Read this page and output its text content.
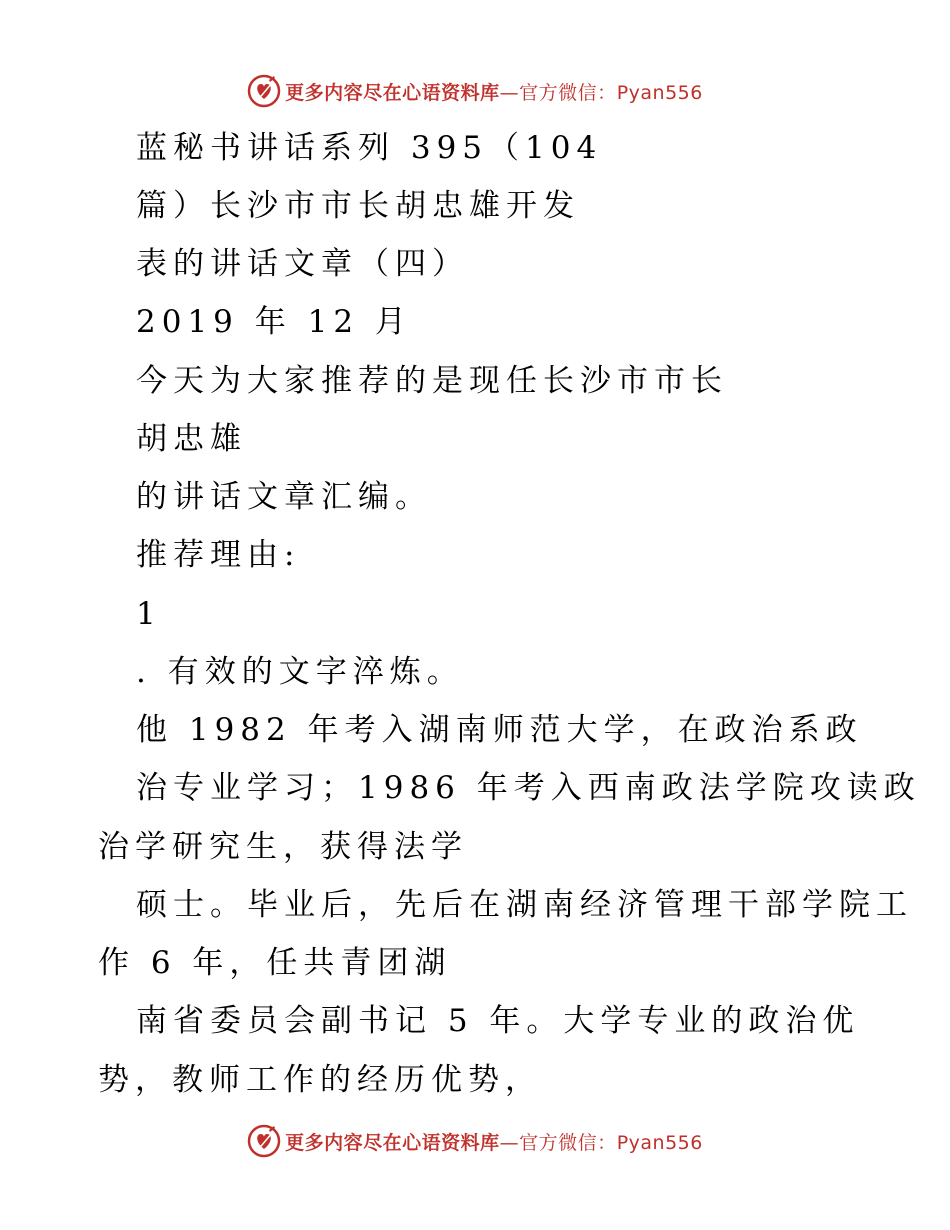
更多内容尽在心语资料库—官方微信：Pyan556
蓝秘书讲话系列 395（104
篇）长沙市市长胡忠雄开发
表的讲话文章（四）
2019 年 12 月
今天为大家推荐的是现任长沙市市长
胡忠雄
的讲话文章汇编。
推荐理由:
1
. 有效的文字淬炼。
他 1982 年考入湖南师范大学，在政治系政
治专业学习；1986 年考入西南政法学院攻读政
治学研究生，获得法学
硕士。毕业后，先后在湖南经济管理干部学院工
作 6 年，任共青团湖
南省委员会副书记 5 年。大学专业的政治优
势，教师工作的经历优势，
更多内容尽在心语资料库—官方微信：Pyan556
